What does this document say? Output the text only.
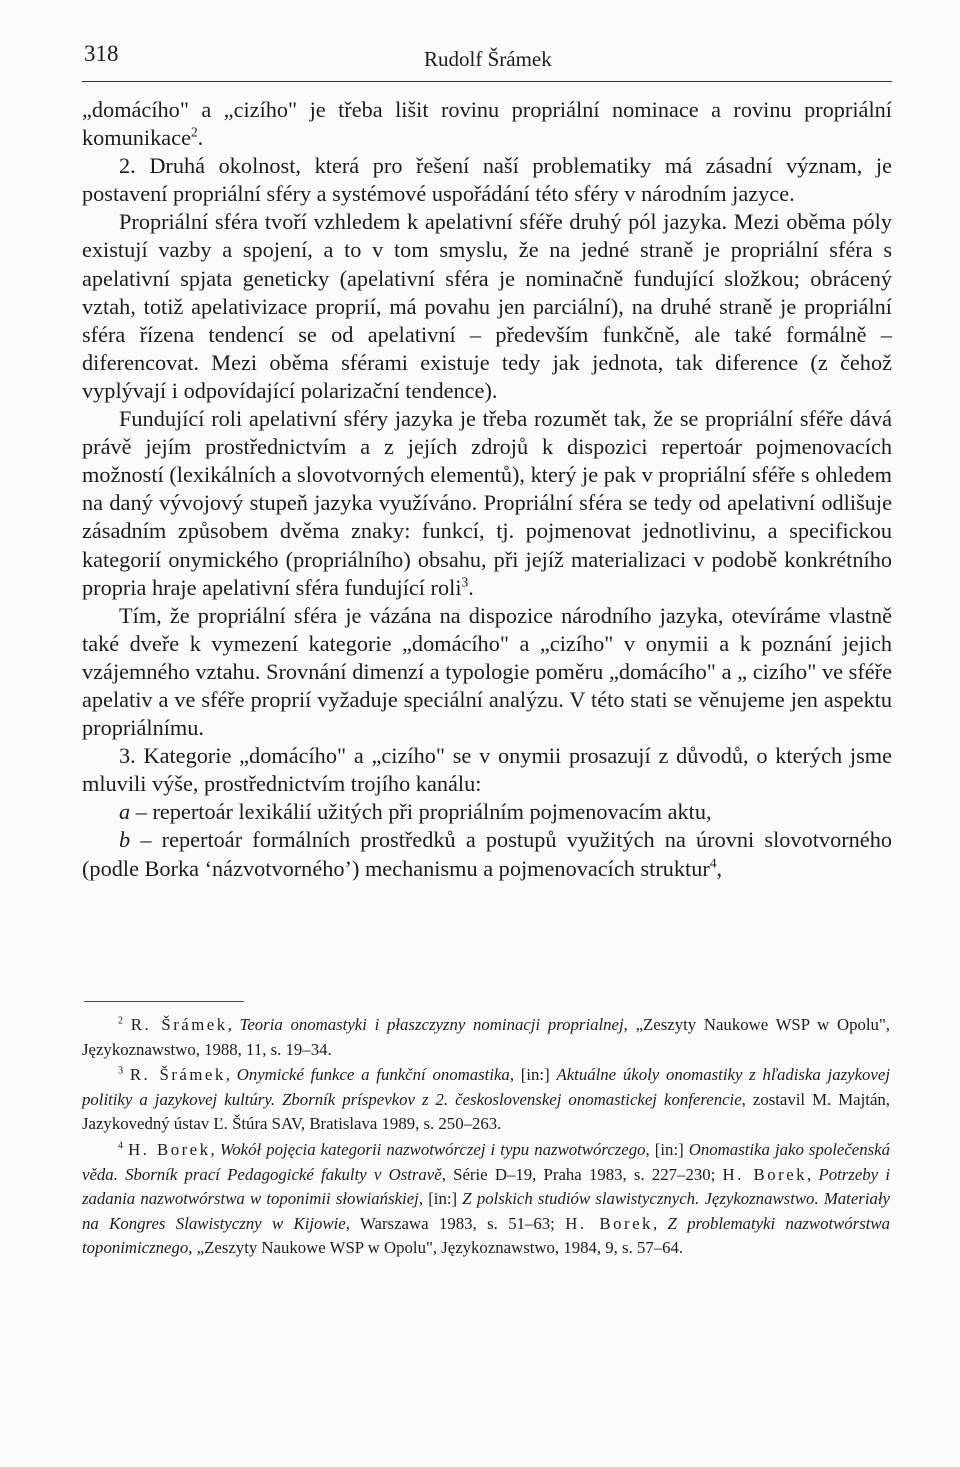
318	Rudolf Šrámek

„domácího" a „cizího" je třeba lišit rovinu propriální nominace a rovinu propriální komunikace$^2$.

2. Druhá okolnost, která pro řešení naší problematiky má zásadní význam, je postavení propriální sféry a systémové uspořádání této sféry v národním jazyce.

Propriální sféra tvoří vzhledem k apelativní sféře druhý pól jazyka. Mezi oběma póly existují vazby a spojení, a to v tom smyslu, že na jedné straně je propriální sféra s apelativní spjata geneticky (apelativní sféra je nominačně fundující složkou; obrácený vztah, totiž apelativizace proprií, má povahu jen parciální), na druhé straně je propriální sféra řízena tendencí se od apelativní – především funkčně, ale také formálně – diferencovat. Mezi oběma sférami existuje tedy jak jednota, tak diference (z čehož vyplývají i odpovídající polarizační tendence).

Fundující roli apelativní sféry jazyka je třeba rozumět tak, že se propriální sféře dává právě jejím prostřednictvím a z jejích zdrojů k dispozici repertoár pojmenovacích možností (lexikálních a slovotvorných elementů), který je pak v propriální sféře s ohledem na daný vývojový stupeň jazyka využíváno. Propriální sféra se tedy od apelativní odlišuje zásadním způsobem dvěma znaky: funkcí, tj. pojmenovat jednotlivinu, a specifickou kategorií onymického (propriálního) obsahu, při jejíž materializaci v podobě konkrétního propria hraje apelativní sféra fundující roli$^3$.

Tím, že propriální sféra je vázána na dispozice národního jazyka, otevíráme vlastně také dveře k vymezení kategorie „domácího" a „cizího" v onymii a k poznání jejich vzájemného vztahu. Srovnání dimenzí a typologie poměru „domácího" a „ cizího" ve sféře apelativ a ve sféře proprií vyžaduje speciální analýzu. V této stati se věnujeme jen aspektu propriálnímu.

3. Kategorie „domácího" a „cizího" se v onymii prosazují z důvodů, o kterých jsme mluvili výše, prostřednictvím trojího kanálu:

a – repertoár lexikálií užitých při propriálním pojmenovacím aktu,

b – repertoár formálních prostředků a postupů využitých na úrovni slovotvorného (podle Borka ‘názvotvorného’) mechanismu a pojmenovacích struktur$^4$,

$^2$ R. Šrámek, Teoria onomastyki i płaszczyzny nominacji proprialnej, „Zeszyty Naukowe WSP w Opolu", Językoznawstwo, 1988, 11, s. 19–34.

$^3$ R. Šrámek, Onymické funkce a funkční onomastika, [in:] Aktuálne úkoly onomastiky z hľadiska jazykovej politiky a jazykovej kultúry. Zborník príspevkov z 2. československej onomastickej konferencie, zostavil M. Majtán, Jazykovedný ústav Ľ. Štúra SAV, Bratislava 1989, s. 250–263.

$^4$ H. Borek, Wokół pojęcia kategorii nazwotwórczej i typu nazwotwórczego, [in:] Onomastika jako společenská věda. Sborník prací Pedagogické fakulty v Ostravě, Série D–19, Praha 1983, s. 227–230; H. Borek, Potrzeby i zadania nazwotwórstwa w toponimii słowiańskiej, [in:] Z polskich studiów slawistycznych. Językoznawstwo. Materiały na Kongres Slawistyczny w Kijowie, Warszawa 1983, s. 51–63; H. Borek, Z problematyki nazwotwórstwa toponimicznego, „Zeszyty Naukowe WSP w Opolu", Językoznawstwo, 1984, 9, s. 57–64.
